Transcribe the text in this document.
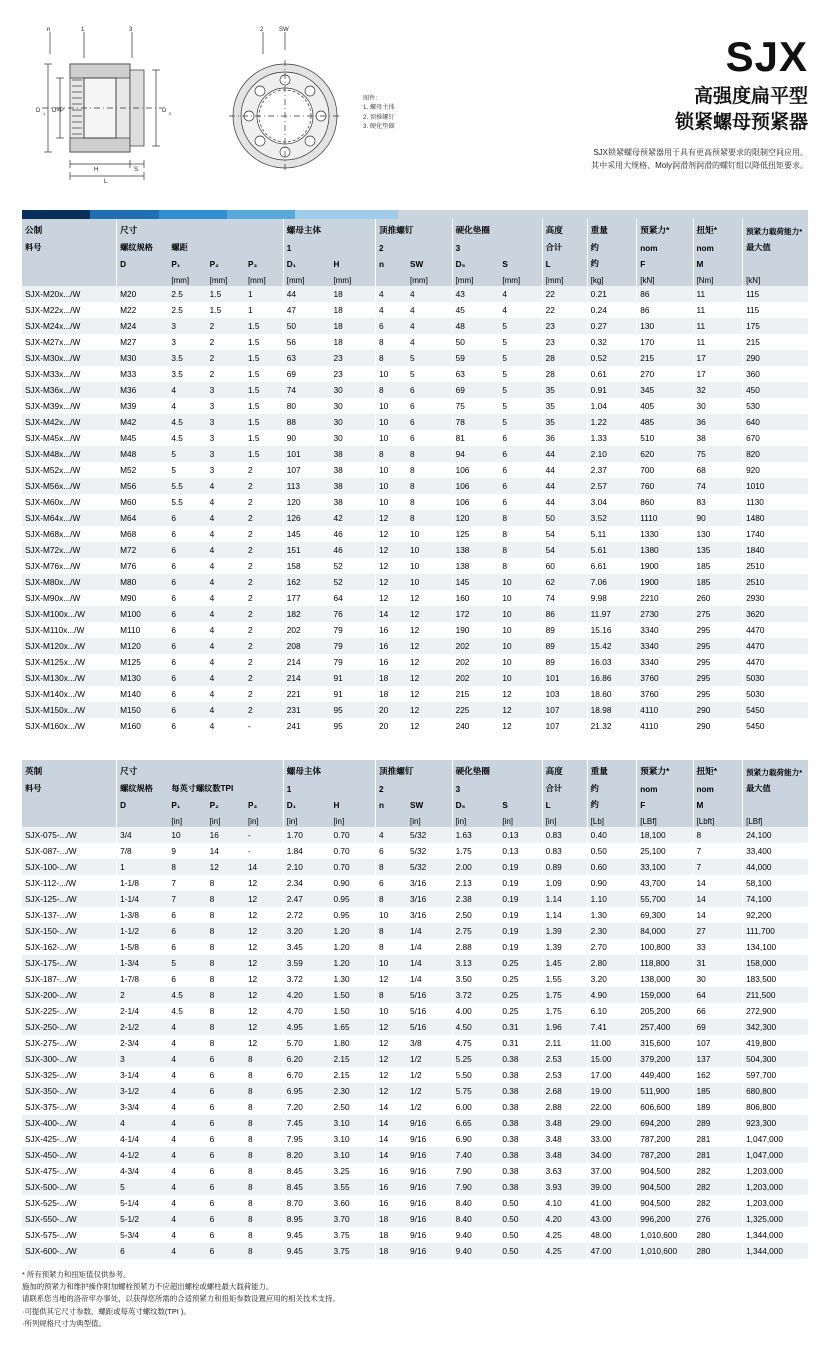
n	1	3
D 1 D×P	D 2
H	S
L
2	SW
图件:
1. 螺母主体
2. 顶推螺钉
3. 硬化垫圈
SJX
高强度扁平型
锁紧螺母预紧器

SJX锁紧螺母预紧器用于具有更高预紧要求的限制空间应用。
其中采用大规格、Moly润滑剂润滑的螺钉组以降低扭矩要求。

公制	尺寸				螺母主体		顶推螺钉		硬化垫圈		高度	重量	预紧力*	扭矩*	预紧力载荷能力*
料号	螺纹规格	螺距			1		2		3		合计	约	nom	nom	最大值
	D	P₁	P₂	P₃	D₁	H	n	SW	D₅	S	L	约	F	M	
		[mm]	[mm]	[mm]	[mm]	[mm]		[mm]	[mm]	[mm]	[mm]	[kg]	[kN]	[Nm]	[kN]
SJX-M20x.../W	M20	2.5	1.5	1	44	18	4	4	43	4	22	0.21	86	11	115
SJX-M22x.../W	M22	2.5	1.5	1	47	18	4	4	45	4	22	0.24	86	11	115
SJX-M24x.../W	M24	3	2	1.5	50	18	6	4	48	5	23	0.27	130	11	175
SJX-M27x.../W	M27	3	2	1.5	56	18	8	4	50	5	23	0.32	170	11	215
SJX-M30x.../W	M30	3.5	2	1.5	63	23	8	5	59	5	28	0.52	215	17	290
SJX-M33x.../W	M33	3.5	2	1.5	69	23	10	5	63	5	28	0.61	270	17	360
SJX-M36x.../W	M36	4	3	1.5	74	30	8	6	69	5	35	0.91	345	32	450
SJX-M39x.../W	M39	4	3	1.5	80	30	10	6	75	5	35	1.04	405	30	530
SJX-M42x.../W	M42	4.5	3	1.5	88	30	10	6	78	5	35	1.22	485	36	640
SJX-M45x.../W	M45	4.5	3	1.5	90	30	10	6	81	6	36	1.33	510	38	670
SJX-M48x.../W	M48	5	3	1.5	101	38	8	8	94	6	44	2.10	620	75	820
SJX-M52x.../W	M52	5	3	2	107	38	10	8	106	6	44	2.37	700	68	920
SJX-M56x.../W	M56	5.5	4	2	113	38	10	8	106	6	44	2.57	760	74	1010
SJX-M60x.../W	M60	5.5	4	2	120	38	10	8	106	6	44	3.04	860	83	1130
SJX-M64x.../W	M64	6	4	2	126	42	12	8	120	8	50	3.52	1110	90	1480
SJX-M68x.../W	M68	6	4	2	145	46	12	10	125	8	54	5.11	1330	130	1740
SJX-M72x.../W	M72	6	4	2	151	46	12	10	138	8	54	5.61	1380	135	1840
SJX-M76x.../W	M76	6	4	2	158	52	12	10	138	8	60	6.61	1900	185	2510
SJX-M80x.../W	M80	6	4	2	162	52	12	10	145	10	62	7.06	1900	185	2510
SJX-M90x.../W	M90	6	4	2	177	64	12	12	160	10	74	9.98	2210	260	2930
SJX-M100x.../W	M100	6	4	2	182	76	14	12	172	10	86	11.97	2730	275	3620
SJX-M110x.../W	M110	6	4	2	202	79	16	12	190	10	89	15.16	3340	295	4470
SJX-M120x.../W	M120	6	4	2	208	79	16	12	202	10	89	15.42	3340	295	4470
SJX-M125x.../W	M125	6	4	2	214	79	16	12	202	10	89	16.03	3340	295	4470
SJX-M130x.../W	M130	6	4	2	214	91	18	12	202	10	101	16.86	3760	295	5030
SJX-M140x.../W	M140	6	4	2	221	91	18	12	215	12	103	18.60	3760	295	5030
SJX-M150x.../W	M150	6	4	2	231	95	20	12	225	12	107	18.98	4110	290	5450
SJX-M160x.../W	M160	6	4	-	241	95	20	12	240	12	107	21.32	4110	290	5450
英制	尺寸				螺母主体		顶推螺钉		硬化垫圈		高度	重量	预紧力*	扭矩*	预紧力载荷能力*
料号	螺纹规格	每英寸螺纹数TPI			1		2		3		合计	约	nom	nom	最大值
	D	P₁	P₂	P₃	D₁	H	n	SW	D₅	S	L	约	F	M	
		[in]	[in]	[in]	[in]	[in]		[in]	[in]	[in]	[in]	[Lb]	[LBf]	[Lbft]	[LBf]
SJX-075-.../W	3/4	10	16	-	1.70	0.70	4	5/32	1.63	0.13	0.83	0.40	18,100	8	24,100
SJX-087-.../W	7/8	9	14	-	1.84	0.70	6	5/32	1.75	0.13	0.83	0.50	25,100	7	33,400
SJX-100-.../W	1	8	12	14	2.10	0.70	8	5/32	2.00	0.19	0.89	0.60	33,100	7	44,000
SJX-112-.../W	1-1/8	7	8	12	2.34	0.90	6	3/16	2.13	0.19	1.09	0.90	43,700	14	58,100
SJX-125-.../W	1-1/4	7	8	12	2.47	0.95	8	3/16	2.38	0.19	1.14	1.10	55,700	14	74,100
SJX-137-.../W	1-3/8	6	8	12	2.72	0.95	10	3/16	2.50	0.19	1.14	1.30	69,300	14	92,200
SJX-150-.../W	1-1/2	6	8	12	3.20	1.20	8	1/4	2.75	0.19	1.39	2.30	84,000	27	111,700
SJX-162-.../W	1-5/8	6	8	12	3.45	1.20	8	1/4	2.88	0.19	1.39	2.70	100,800	33	134,100
SJX-175-.../W	1-3/4	5	8	12	3.59	1.20	10	1/4	3.13	0.25	1.45	2.80	118,800	31	158,000
SJX-187-.../W	1-7/8	6	8	12	3.72	1.30	12	1/4	3.50	0.25	1.55	3.20	138,000	30	183,500
SJX-200-.../W	2	4.5	8	12	4.20	1.50	8	5/16	3.72	0.25	1.75	4.90	159,000	64	211,500
SJX-225-.../W	2-1/4	4.5	8	12	4.70	1.50	10	5/16	4.00	0.25	1.75	6.10	205,200	66	272,900
SJX-250-.../W	2-1/2	4	8	12	4.95	1.65	12	5/16	4.50	0.31	1.96	7.41	257,400	69	342,300
SJX-275-.../W	2-3/4	4	8	12	5.70	1.80	12	3/8	4.75	0.31	2.11	11.00	315,600	107	419,800
SJX-300-.../W	3	4	6	8	6.20	2.15	12	1/2	5.25	0.38	2.53	15.00	379,200	137	504,300
SJX-325-.../W	3-1/4	4	6	8	6.70	2.15	12	1/2	5.50	0.38	2.53	17.00	449,400	162	597,700
SJX-350-.../W	3-1/2	4	6	8	6.95	2.30	12	1/2	5.75	0.38	2.68	19.00	511,900	185	680,800
SJX-375-.../W	3-3/4	4	6	8	7.20	2.50	14	1/2	6.00	0.38	2.88	22.00	606,600	189	806,800
SJX-400-.../W	4	4	6	8	7.45	3.10	14	9/16	6.65	0.38	3.48	29.00	694,200	289	923,300
SJX-425-.../W	4-1/4	4	6	8	7.95	3.10	14	9/16	6.90	0.38	3.48	33.00	787,200	281	1,047,000
SJX-450-.../W	4-1/2	4	6	8	8.20	3.10	14	9/16	7.40	0.38	3.48	34.00	787,200	281	1,047,000
SJX-475-.../W	4-3/4	4	6	8	8.45	3.25	16	9/16	7.90	0.38	3.63	37.00	904,500	282	1,203,000
SJX-500-.../W	5	4	6	8	8.45	3.55	16	9/16	7.90	0.38	3.93	39.00	904,500	282	1,203,000
SJX-525-.../W	5-1/4	4	6	8	8.70	3.60	16	9/16	8.40	0.50	4.10	41.00	904,500	282	1,203,000
SJX-550-.../W	5-1/2	4	6	8	8.95	3.70	18	9/16	8.40	0.50	4.20	43.00	996,200	276	1,325,000
SJX-575-.../W	5-3/4	4	6	8	9.45	3.75	18	9/16	9.40	0.50	4.25	48.00	1,010,600	280	1,344,000
SJX-600-.../W	6	4	6	8	9.45	3.75	18	9/16	9.40	0.50	4.25	47.00	1,010,600	280	1,344,000
* 所有预紧力和扭矩值仅供参考。
施加的预紧力和维护操作附加螺栓预紧力不应超出螺栓或螺柱最大载荷能力。
请联系您当地的洛帝牢办事处，以获得您所需的合适预紧力和扭矩参数设置应用的相关技术支持。
·可提供其它尺寸参数、螺距或每英寸螺纹数(TPI )。
·所列规格尺寸为典型值。
